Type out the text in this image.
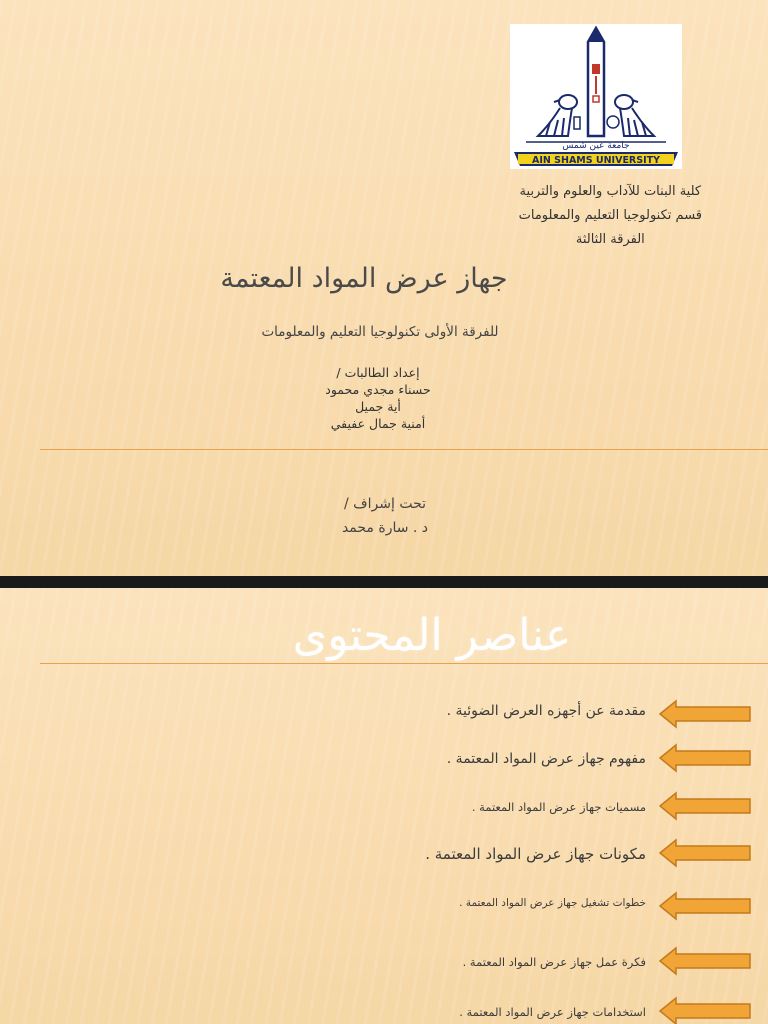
جامعة عين شمس
AIN SHAMS UNIVERSITY
كلية البنات للآداب والعلوم والتربية
قسم تكنولوجيا التعليم والمعلومات
الفرقة الثالثة
جهاز عرض المواد المعتمة
للفرقة الأولى تكنولوجيا التعليم والمعلومات
إعداد الطالبات /
حسناء مجدي محمود
أية جميل
أمنية جمال عفيفي
تحت إشراف /
د . سارة محمد
عناصر المحتوى
مقدمة عن أجهزه العرض الضوئية .
مفهوم جهاز عرض المواد المعتمة .
مسميات جهاز عرض المواد المعتمة .
مكونات جهاز عرض المواد المعتمة .
خطوات تشغيل جهاز عرض المواد المعتمة .
فكرة عمل جهاز عرض المواد المعتمة .
استخدامات جهاز عرض المواد المعتمة .
